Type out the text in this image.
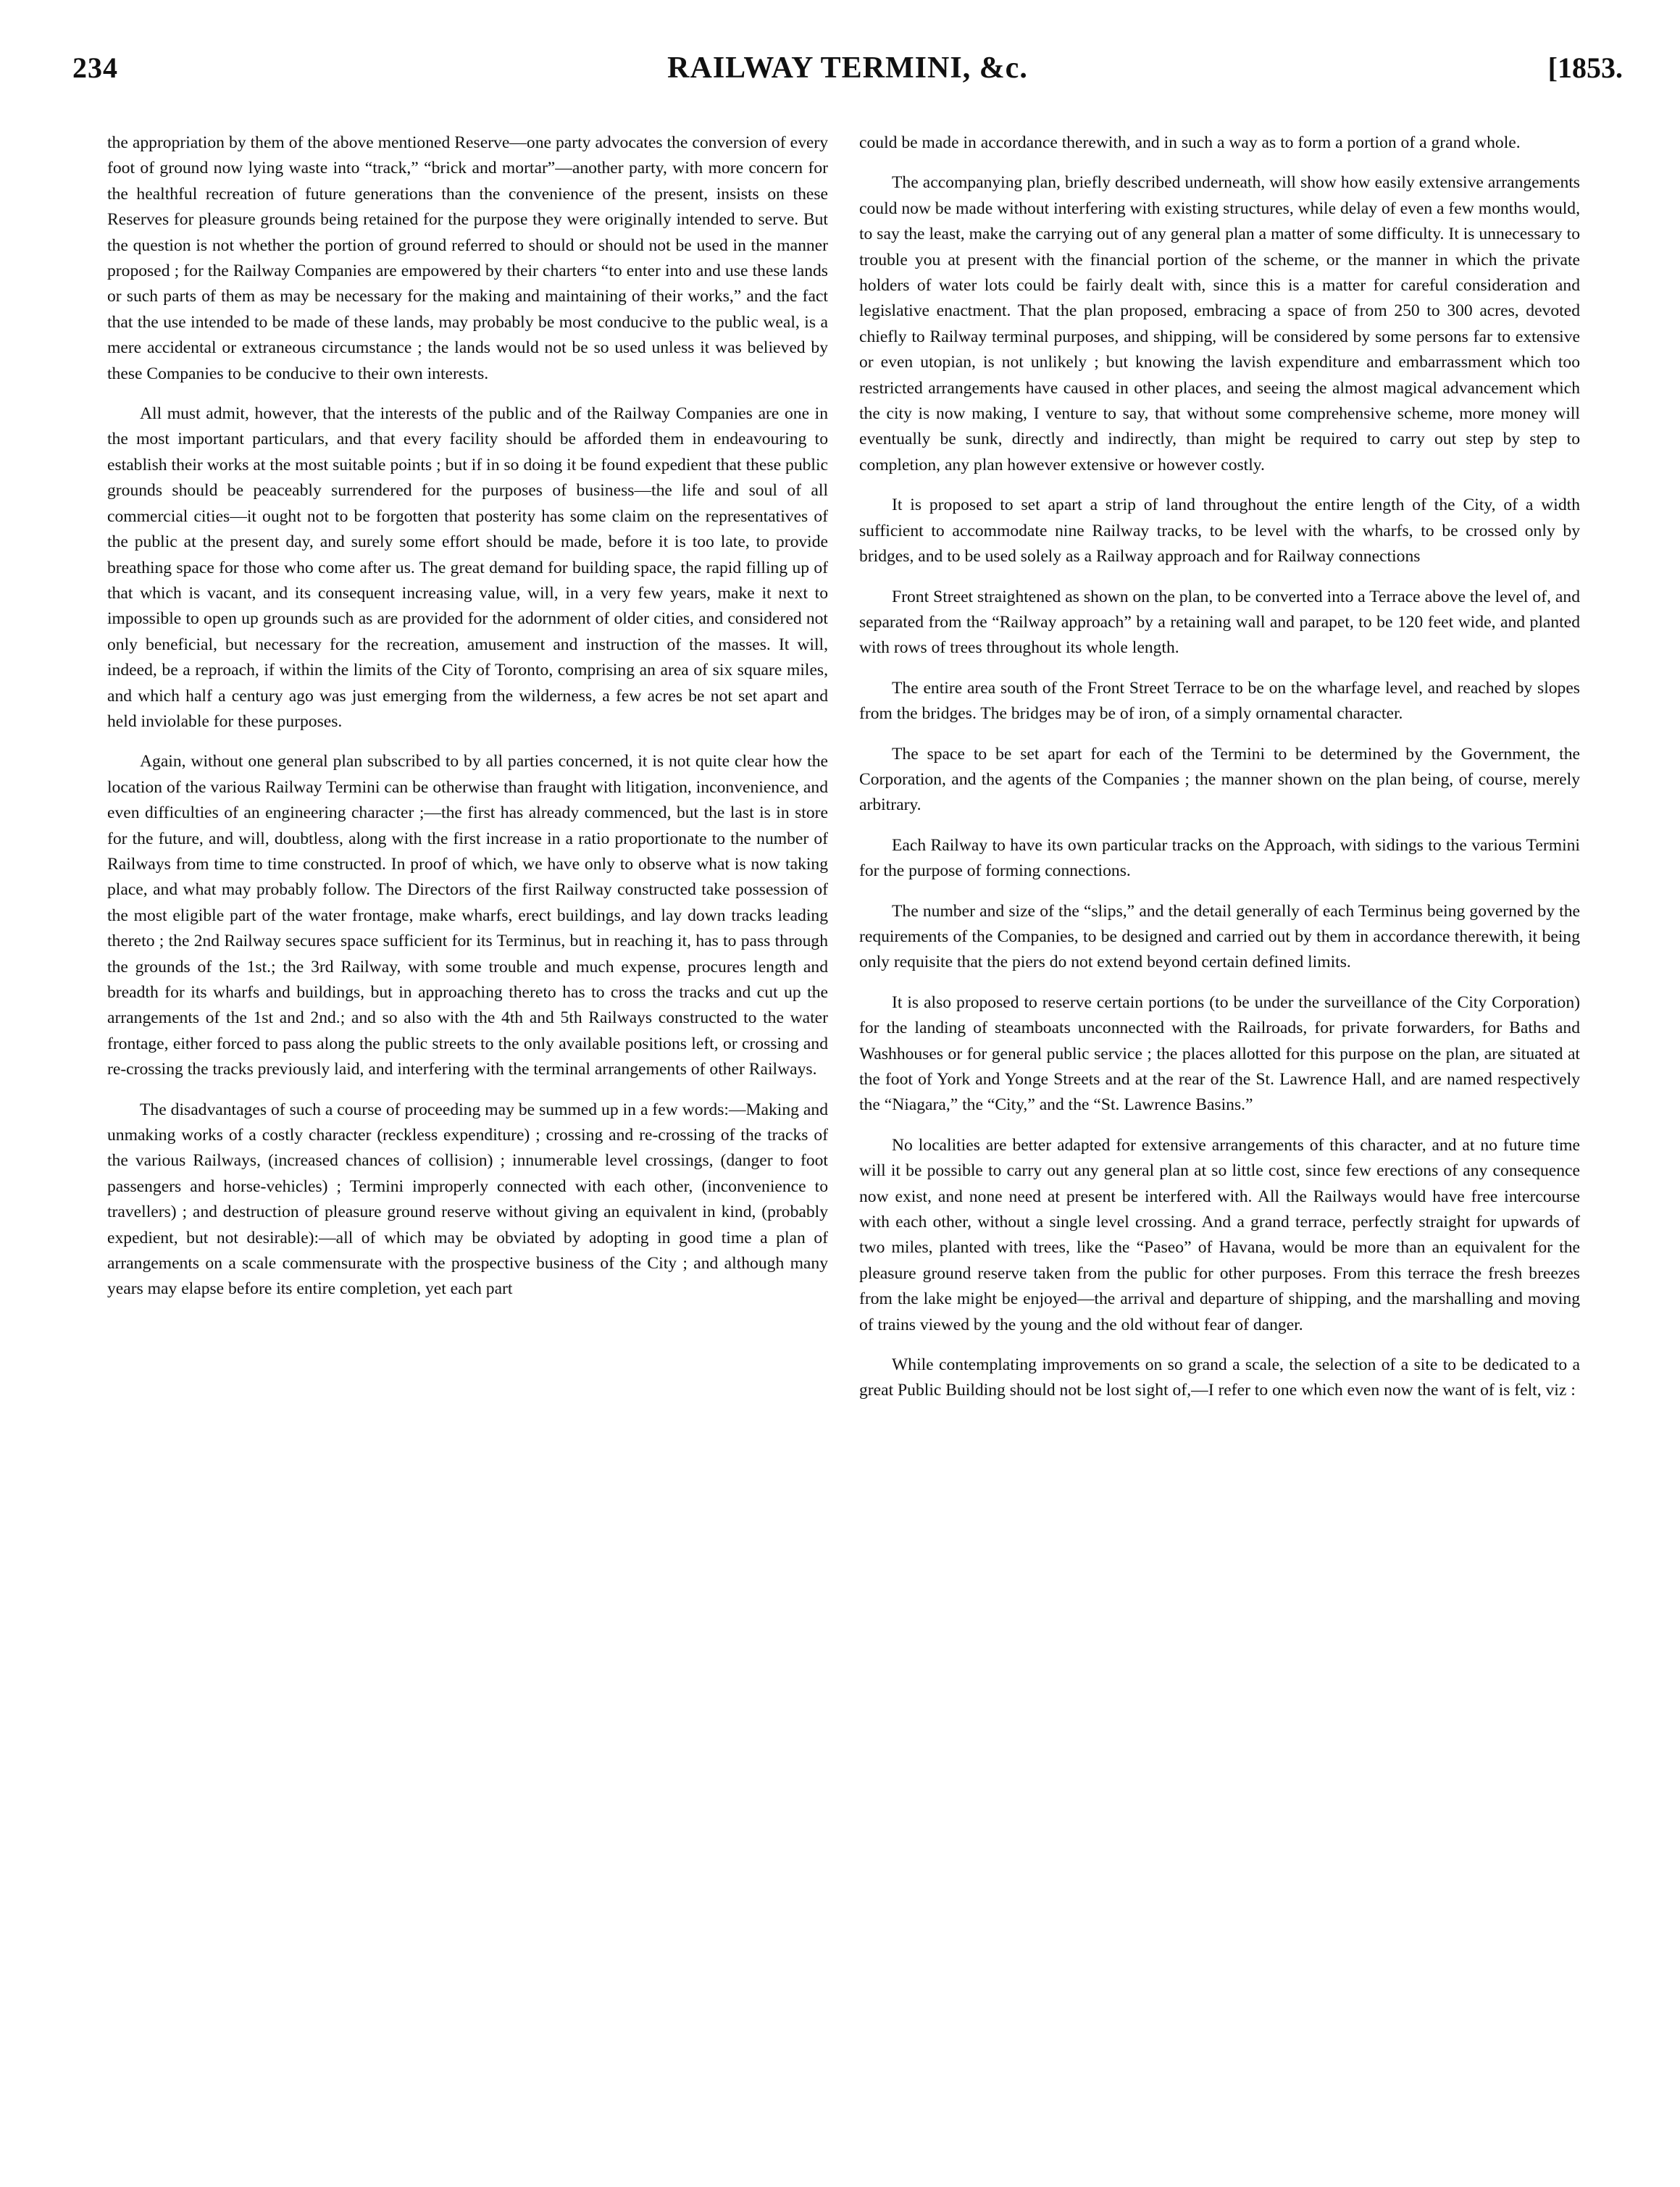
234	RAILWAY TERMINI, &c.	[1853.

the appropriation by them of the above mentioned Reserve—one party advocates the conversion of every foot of ground now lying waste into “track,” “brick and mortar”—another party, with more concern for the healthful recreation of future generations than the convenience of the present, insists on these Reserves for pleasure grounds being retained for the purpose they were originally intended to serve. But the question is not whether the portion of ground referred to should or should not be used in the manner proposed ; for the Railway Companies are empowered by their charters “to enter into and use these lands or such parts of them as may be necessary for the making and maintaining of their works,” and the fact that the use intended to be made of these lands, may probably be most conducive to the public weal, is a mere accidental or extraneous circumstance ; the lands would not be so used unless it was believed by these Companies to be conducive to their own interests.

All must admit, however, that the interests of the public and of the Railway Companies are one in the most important particulars, and that every facility should be afforded them in endeavouring to establish their works at the most suitable points ; but if in so doing it be found expedient that these public grounds should be peaceably surrendered for the purposes of business—the life and soul of all commercial cities—it ought not to be forgotten that posterity has some claim on the representatives of the public at the present day, and surely some effort should be made, before it is too late, to provide breathing space for those who come after us. The great demand for building space, the rapid filling up of that which is vacant, and its consequent increasing value, will, in a very few years, make it next to impossible to open up grounds such as are provided for the adornment of older cities, and considered not only beneficial, but necessary for the recreation, amusement and instruction of the masses. It will, indeed, be a reproach, if within the limits of the City of Toronto, comprising an area of six square miles, and which half a century ago was just emerging from the wilderness, a few acres be not set apart and held inviolable for these purposes.

Again, without one general plan subscribed to by all parties concerned, it is not quite clear how the location of the various Railway Termini can be otherwise than fraught with litigation, inconvenience, and even difficulties of an engineering character ;—the first has already commenced, but the last is in store for the future, and will, doubtless, along with the first increase in a ratio proportionate to the number of Railways from time to time constructed. In proof of which, we have only to observe what is now taking place, and what may probably follow. The Directors of the first Railway constructed take possession of the most eligible part of the water frontage, make wharfs, erect buildings, and lay down tracks leading thereto ; the 2nd Railway secures space sufficient for its Terminus, but in reaching it, has to pass through the grounds of the 1st.; the 3rd Railway, with some trouble and much expense, procures length and breadth for its wharfs and buildings, but in approaching thereto has to cross the tracks and cut up the arrangements of the 1st and 2nd.; and so also with the 4th and 5th Railways constructed to the water frontage, either forced to pass along the public streets to the only available positions left, or crossing and re-crossing the tracks previously laid, and interfering with the terminal arrangements of other Railways.

The disadvantages of such a course of proceeding may be summed up in a few words:—Making and unmaking works of a costly character (reckless expenditure) ; crossing and re-crossing of the tracks of the various Railways, (increased chances of collision) ; innumerable level crossings, (danger to foot passengers and horse-vehicles) ; Termini improperly connected with each other, (inconvenience to travellers) ; and destruction of pleasure ground reserve without giving an equivalent in kind, (probably expedient, but not desirable):—all of which may be obviated by adopting in good time a plan of arrangements on a scale commensurate with the prospective business of the City ; and although many years may elapse before its entire completion, yet each part

could be made in accordance therewith, and in such a way as to form a portion of a grand whole.

The accompanying plan, briefly described underneath, will show how easily extensive arrangements could now be made without interfering with existing structures, while delay of even a few months would, to say the least, make the carrying out of any general plan a matter of some difficulty. It is unnecessary to trouble you at present with the financial portion of the scheme, or the manner in which the private holders of water lots could be fairly dealt with, since this is a matter for careful consideration and legislative enactment. That the plan proposed, embracing a space of from 250 to 300 acres, devoted chiefly to Railway terminal purposes, and shipping, will be considered by some persons far to extensive or even utopian, is not unlikely ; but knowing the lavish expenditure and embarrassment which too restricted arrangements have caused in other places, and seeing the almost magical advancement which the city is now making, I venture to say, that without some comprehensive scheme, more money will eventually be sunk, directly and indirectly, than might be required to carry out step by step to completion, any plan however extensive or however costly.

It is proposed to set apart a strip of land throughout the entire length of the City, of a width sufficient to accommodate nine Railway tracks, to be level with the wharfs, to be crossed only by bridges, and to be used solely as a Railway approach and for Railway connections

Front Street straightened as shown on the plan, to be converted into a Terrace above the level of, and separated from the “Railway approach” by a retaining wall and parapet, to be 120 feet wide, and planted with rows of trees throughout its whole length.

The entire area south of the Front Street Terrace to be on the wharfage level, and reached by slopes from the bridges. The bridges may be of iron, of a simply ornamental character.

The space to be set apart for each of the Termini to be determined by the Government, the Corporation, and the agents of the Companies ; the manner shown on the plan being, of course, merely arbitrary.

Each Railway to have its own particular tracks on the Approach, with sidings to the various Termini for the purpose of forming connections.

The number and size of the “slips,” and the detail generally of each Terminus being governed by the requirements of the Companies, to be designed and carried out by them in accordance therewith, it being only requisite that the piers do not extend beyond certain defined limits.

It is also proposed to reserve certain portions (to be under the surveillance of the City Corporation) for the landing of steamboats unconnected with the Railroads, for private forwarders, for Baths and Washhouses or for general public service ; the places allotted for this purpose on the plan, are situated at the foot of York and Yonge Streets and at the rear of the St. Lawrence Hall, and are named respectively the “Niagara,” the “City,” and the “St. Lawrence Basins.”

No localities are better adapted for extensive arrangements of this character, and at no future time will it be possible to carry out any general plan at so little cost, since few erections of any consequence now exist, and none need at present be interfered with. All the Railways would have free intercourse with each other, without a single level crossing. And a grand terrace, perfectly straight for upwards of two miles, planted with trees, like the “Paseo” of Havana, would be more than an equivalent for the pleasure ground reserve taken from the public for other purposes. From this terrace the fresh breezes from the lake might be enjoyed—the arrival and departure of shipping, and the marshalling and moving of trains viewed by the young and the old without fear of danger.

While contemplating improvements on so grand a scale, the selection of a site to be dedicated to a great Public Building should not be lost sight of,—I refer to one which even now the want of is felt, viz :
